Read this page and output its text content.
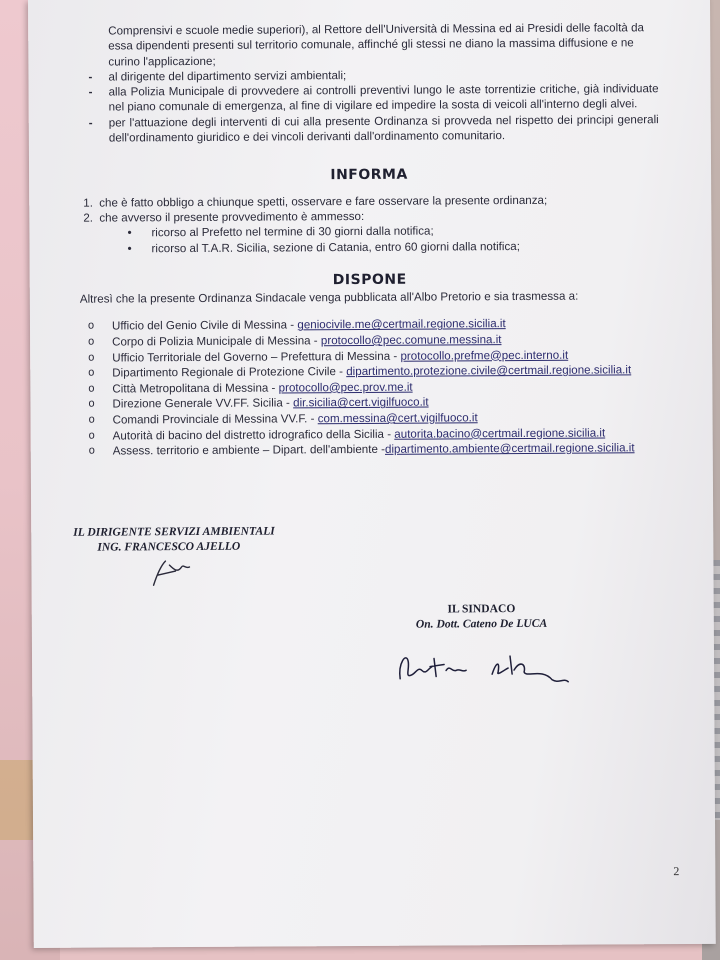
Comprensivi e scuole medie superiori), al Rettore dell'Università di Messina ed ai Presidi delle facoltà da

essa dipendenti presenti sul territorio comunale, affinché gli stessi ne diano la massima diffusione e ne

curino l'applicazione;

- al dirigente del dipartimento servizi ambientali;
- alla Polizia Municipale di provvedere ai controlli preventivi lungo le aste torrentizie critiche, già individuate nel piano comunale di emergenza, al fine di vigilare ed impedire la sosta di veicoli all'interno degli alvei.
- per l'attuazione degli interventi di cui alla presente Ordinanza si provveda nel rispetto dei principi generali dell'ordinamento giuridico e dei vincoli derivanti dall'ordinamento comunitario.
INFORMA
1. che è fatto obbligo a chiunque spetti, osservare e fare osservare la presente ordinanza;
2. che avverso il presente provvedimento è ammesso:
• ricorso al Prefetto nel termine di 30 giorni dalla notifica;
• ricorso al T.A.R. Sicilia, sezione di Catania, entro 60 giorni dalla notifica;
DISPONE

Altresì che la presente Ordinanza Sindacale venga pubblicata all'Albo Pretorio e sia trasmessa a:

o Ufficio del Genio Civile di Messina - geniocivile.me@certmail.regione.sicilia.it
o Corpo di Polizia Municipale di Messina - protocollo@pec.comune.messina.it
o Ufficio Territoriale del Governo – Prefettura di Messina - protocollo.prefme@pec.interno.it
o Dipartimento Regionale di Protezione Civile - dipartimento.protezione.civile@certmail.regione.sicilia.it
o Città Metropolitana di Messina - protocollo@pec.prov.me.it
o Direzione Generale VV.FF. Sicilia - dir.sicilia@cert.vigilfuoco.it
o Comandi Provinciale di Messina VV.F. - com.messina@cert.vigilfuoco.it
o Autorità di bacino del distretto idrografico della Sicilia - autorita.bacino@certmail.regione.sicilia.it
o Assess. territorio e ambiente – Dipart. dell'ambiente -dipartimento.ambiente@certmail.regione.sicilia.it
IL DIRIGENTE SERVIZI AMBIENTALI
ING. FRANCESCO AJELLO
IL SINDACO
On. Dott. Cateno De LUCA
2
